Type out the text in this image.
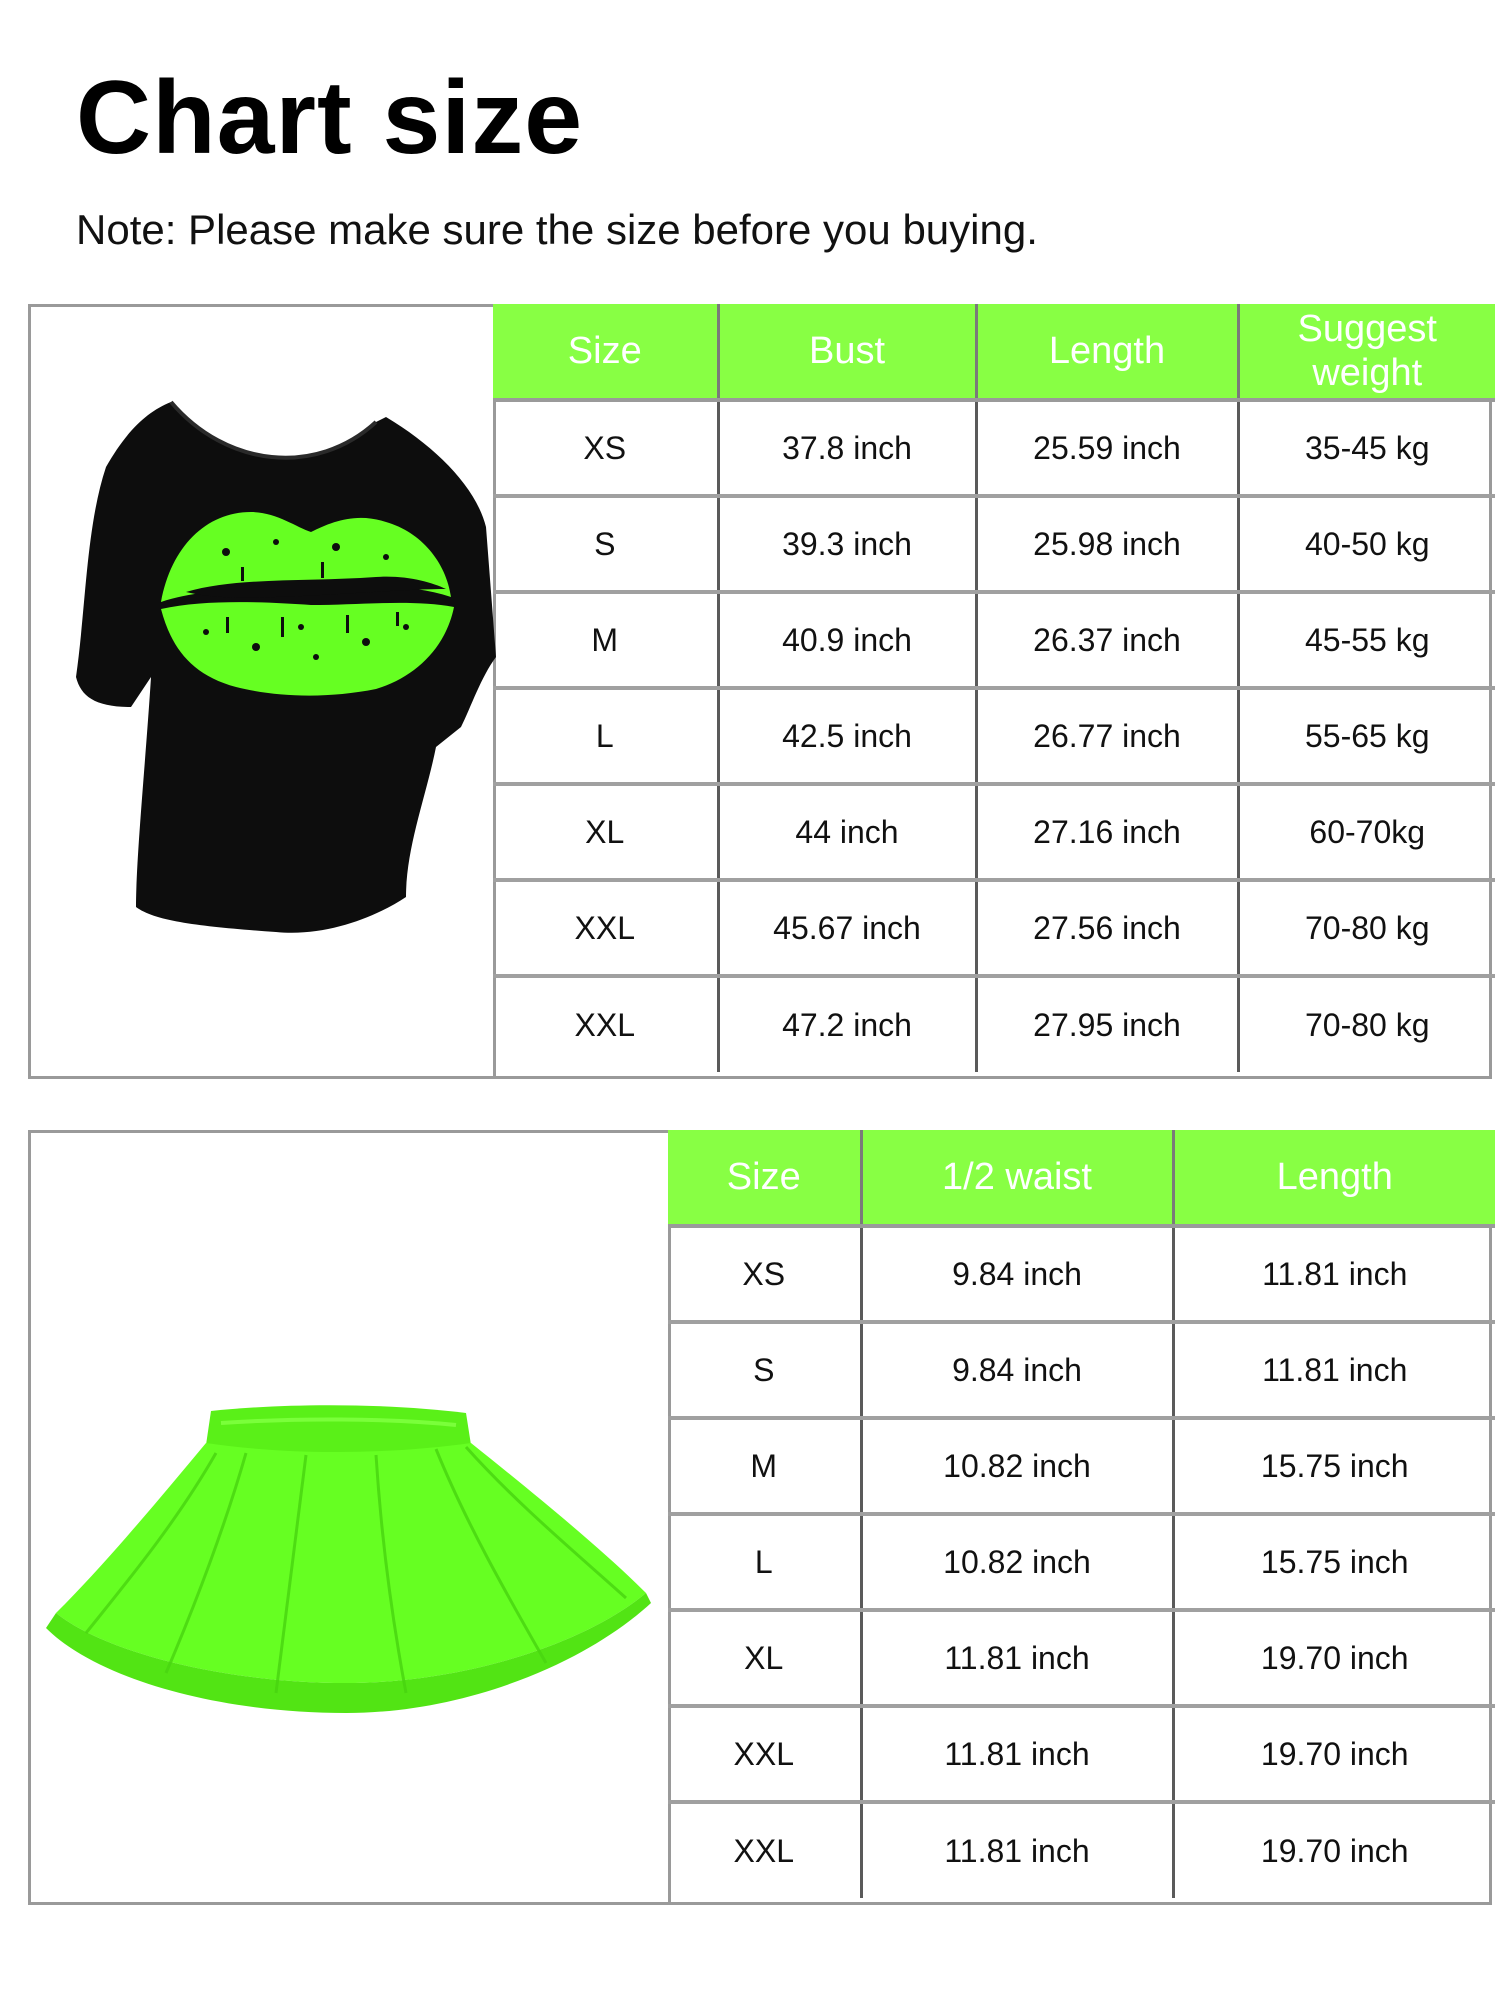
Chart size

Note: Please make sure the size before you buying.

Size	Bust	Length	Suggest weight
XS	37.8 inch	25.59 inch	35-45 kg
S	39.3 inch	25.98 inch	40-50 kg
M	40.9 inch	26.37 inch	45-55 kg
L	42.5 inch	26.77 inch	55-65 kg
XL	44 inch	27.16 inch	60-70kg
XXL	45.67 inch	27.56 inch	70-80 kg
XXL	47.2 inch	27.95 inch	70-80 kg
Size	1/2 waist	Length
XS	9.84 inch	11.81 inch
S	9.84 inch	11.81 inch
M	10.82 inch	15.75 inch
L	10.82 inch	15.75 inch
XL	11.81 inch	19.70 inch
XXL	11.81 inch	19.70 inch
XXL	11.81 inch	19.70 inch
